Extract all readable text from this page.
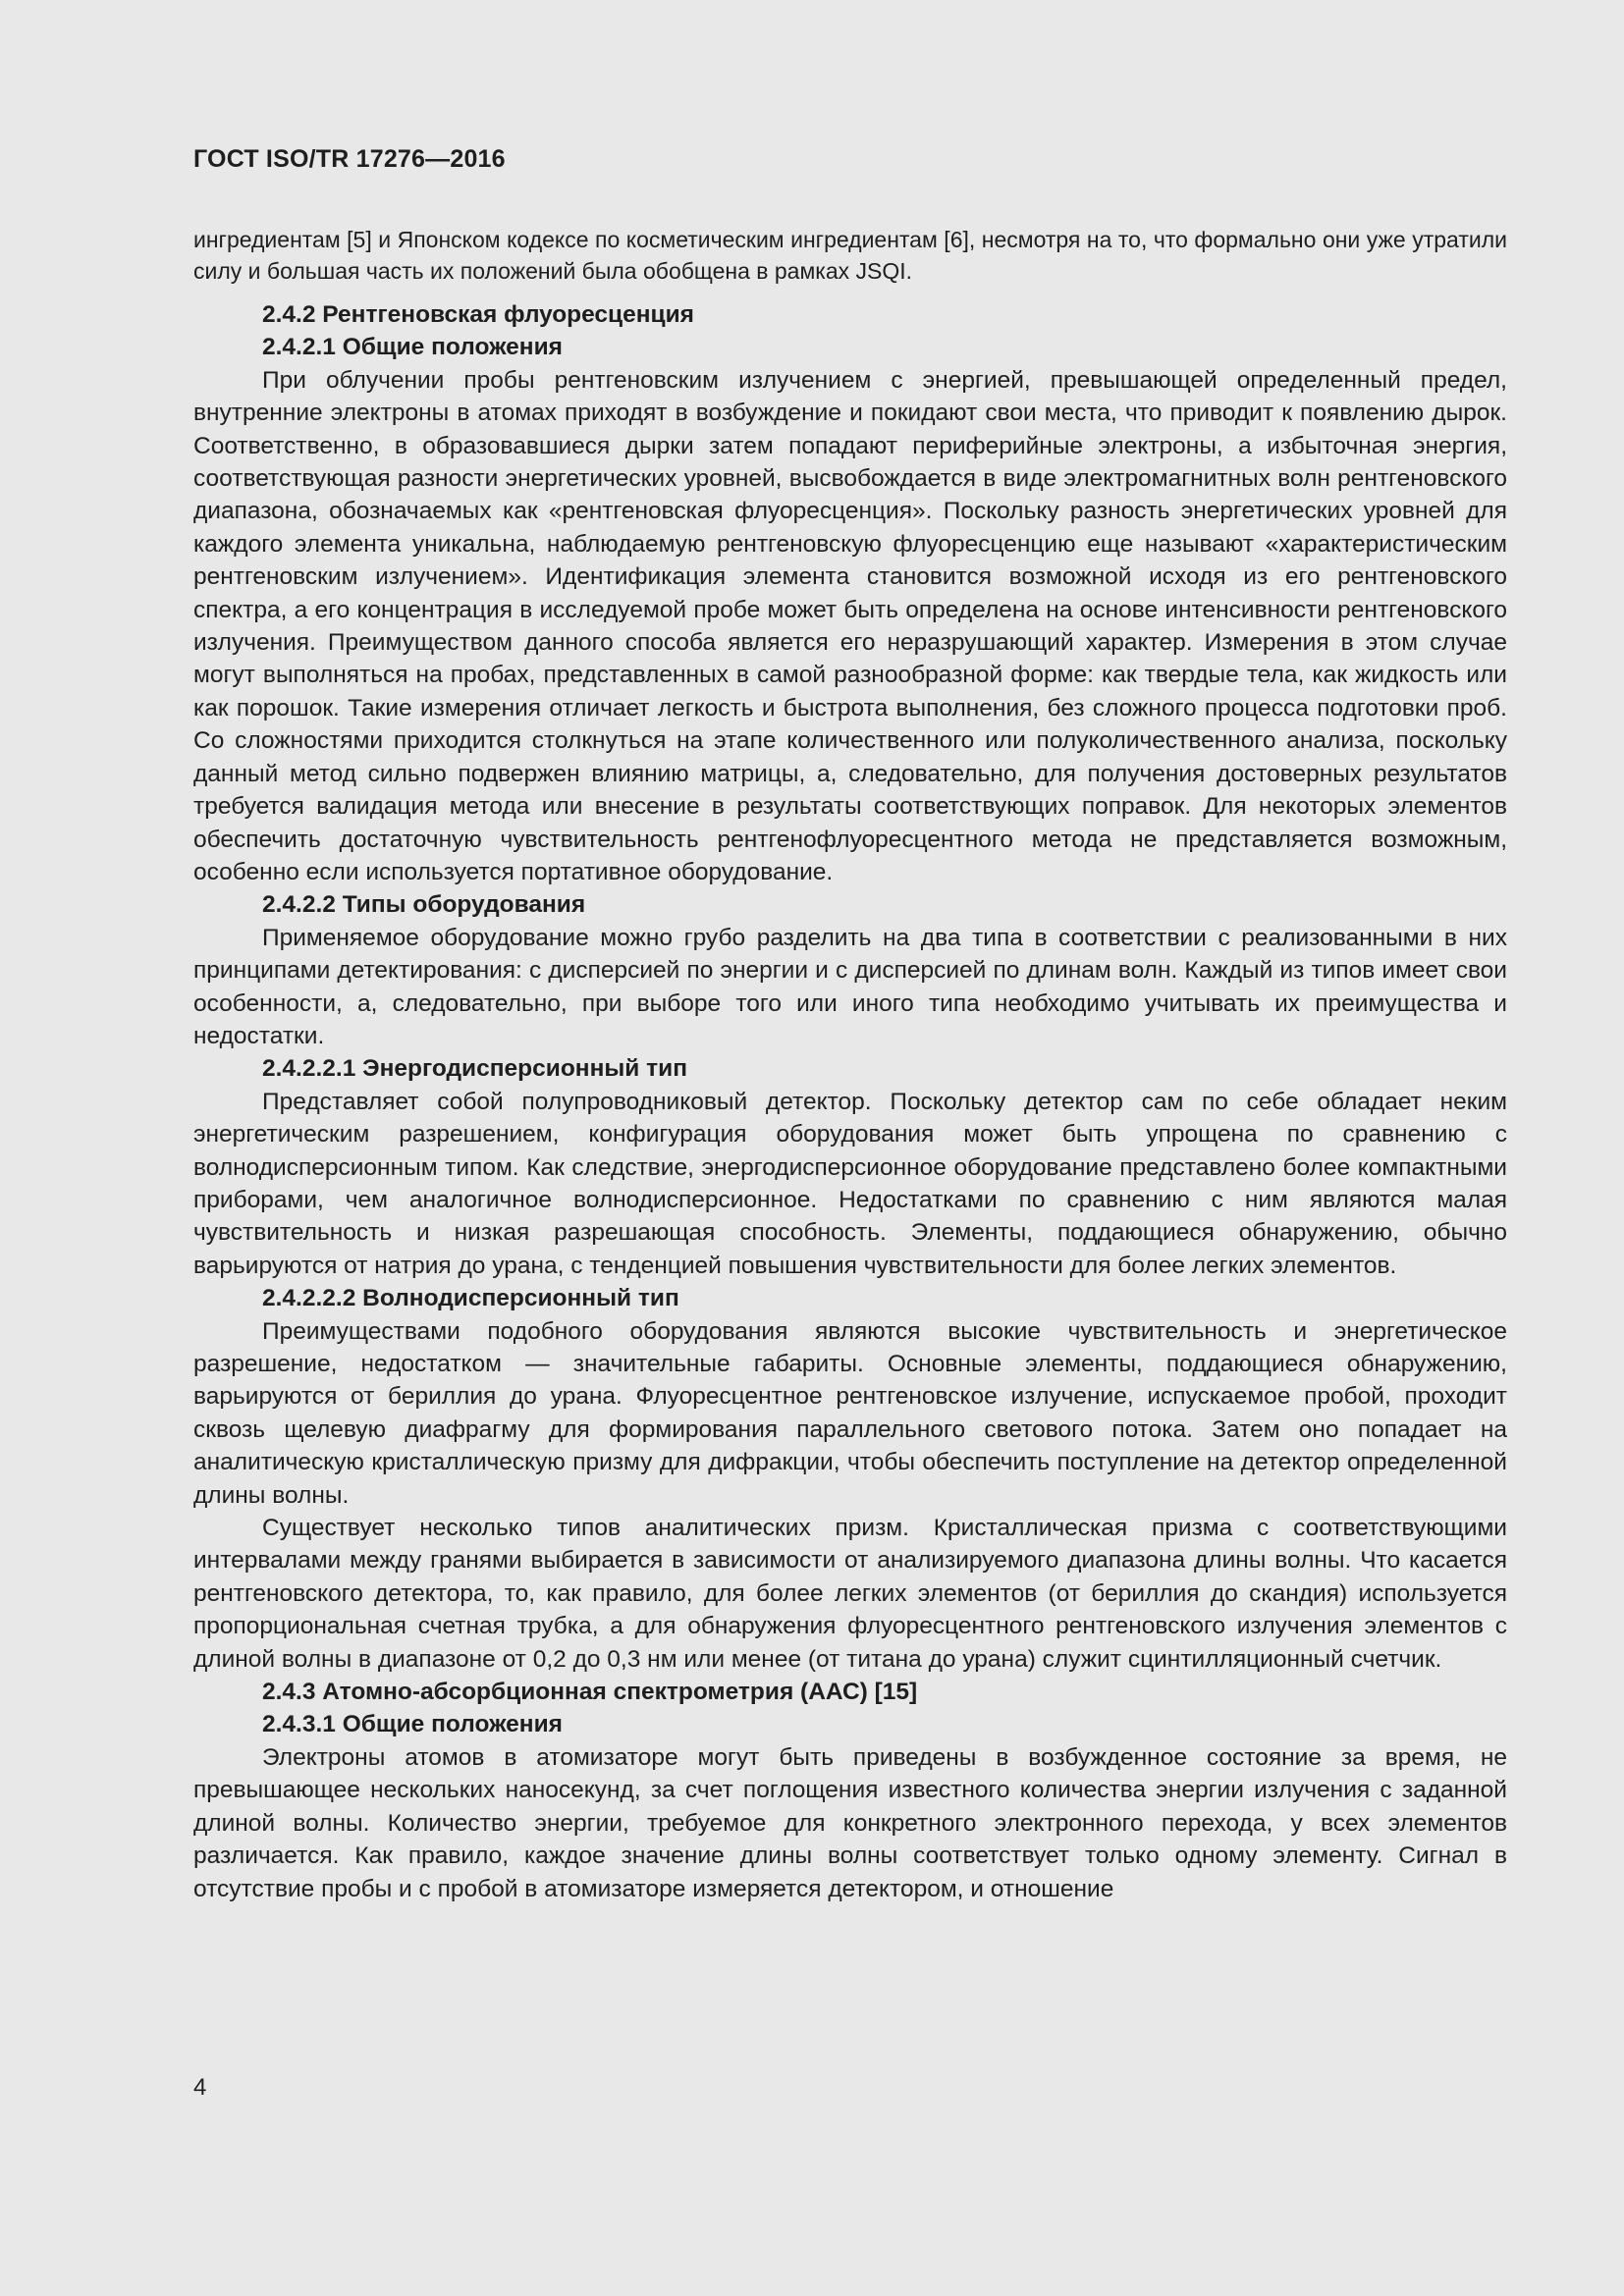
ГОСТ ISO/TR 17276—2016

ингредиентам [5] и Японском кодексе по косметическим ингредиентам [6], несмотря на то, что формально они уже утратили силу и большая часть их положений была обобщена в рамках JSQI.

2.4.2 Рентгеновская флуоресценция
2.4.2.1 Общие положения

При облучении пробы рентгеновским излучением с энергией, превышающей определенный предел, внутренние электроны в атомах приходят в возбуждение и покидают свои места, что приводит к появлению дырок. Соответственно, в образовавшиеся дырки затем попадают периферийные электроны, а избыточная энергия, соответствующая разности энергетических уровней, высвобождается в виде электромагнитных волн рентгеновского диапазона, обозначаемых как «рентгеновская флуоресценция». Поскольку разность энергетических уровней для каждого элемента уникальна, наблюдаемую рентгеновскую флуоресценцию еще называют «характеристическим рентгеновским излучением». Идентификация элемента становится возможной исходя из его рентгеновского спектра, а его концентрация в исследуемой пробе может быть определена на основе интенсивности рентгеновского излучения. Преимуществом данного способа является его неразрушающий характер. Измерения в этом случае могут выполняться на пробах, представленных в самой разнообразной форме: как твердые тела, как жидкость или как порошок. Такие измерения отличает легкость и быстрота выполнения, без сложного процесса подготовки проб. Со сложностями приходится столкнуться на этапе количественного или полуколичественного анализа, поскольку данный метод сильно подвержен влиянию матрицы, а, следовательно, для получения достоверных результатов требуется валидация метода или внесение в результаты соответствующих поправок. Для некоторых элементов обеспечить достаточную чувствительность рентгенофлуоресцентного метода не представляется возможным, особенно если используется портативное оборудование.

2.4.2.2 Типы оборудования

Применяемое оборудование можно грубо разделить на два типа в соответствии с реализованными в них принципами детектирования: с дисперсией по энергии и с дисперсией по длинам волн. Каждый из типов имеет свои особенности, а, следовательно, при выборе того или иного типа необходимо учитывать их преимущества и недостатки.

2.4.2.2.1 Энергодисперсионный тип

Представляет собой полупроводниковый детектор. Поскольку детектор сам по себе обладает неким энергетическим разрешением, конфигурация оборудования может быть упрощена по сравнению с волнодисперсионным типом. Как следствие, энергодисперсионное оборудование представлено более компактными приборами, чем аналогичное волнодисперсионное. Недостатками по сравнению с ним являются малая чувствительность и низкая разрешающая способность. Элементы, поддающиеся обнаружению, обычно варьируются от натрия до урана, с тенденцией повышения чувствительности для более легких элементов.

2.4.2.2.2 Волнодисперсионный тип

Преимуществами подобного оборудования являются высокие чувствительность и энергетическое разрешение, недостатком — значительные габариты. Основные элементы, поддающиеся обнаружению, варьируются от бериллия до урана. Флуоресцентное рентгеновское излучение, испускаемое пробой, проходит сквозь щелевую диафрагму для формирования параллельного светового потока. Затем оно попадает на аналитическую кристаллическую призму для дифракции, чтобы обеспечить поступление на детектор определенной длины волны.

Существует несколько типов аналитических призм. Кристаллическая призма с соответствующими интервалами между гранями выбирается в зависимости от анализируемого диапазона длины волны. Что касается рентгеновского детектора, то, как правило, для более легких элементов (от бериллия до скандия) используется пропорциональная счетная трубка, а для обнаружения флуоресцентного рентгеновского излучения элементов с длиной волны в диапазоне от 0,2 до 0,3 нм или менее (от титана до урана) служит сцинтилляционный счетчик.

2.4.3 Атомно-абсорбционная спектрометрия (ААС) [15]
2.4.3.1 Общие положения

Электроны атомов в атомизаторе могут быть приведены в возбужденное состояние за время, не превышающее нескольких наносекунд, за счет поглощения известного количества энергии излучения с заданной длиной волны. Количество энергии, требуемое для конкретного электронного перехода, у всех элементов различается. Как правило, каждое значение длины волны соответствует только одному элементу. Сигнал в отсутствие пробы и с пробой в атомизаторе измеряется детектором, и отношение

4
